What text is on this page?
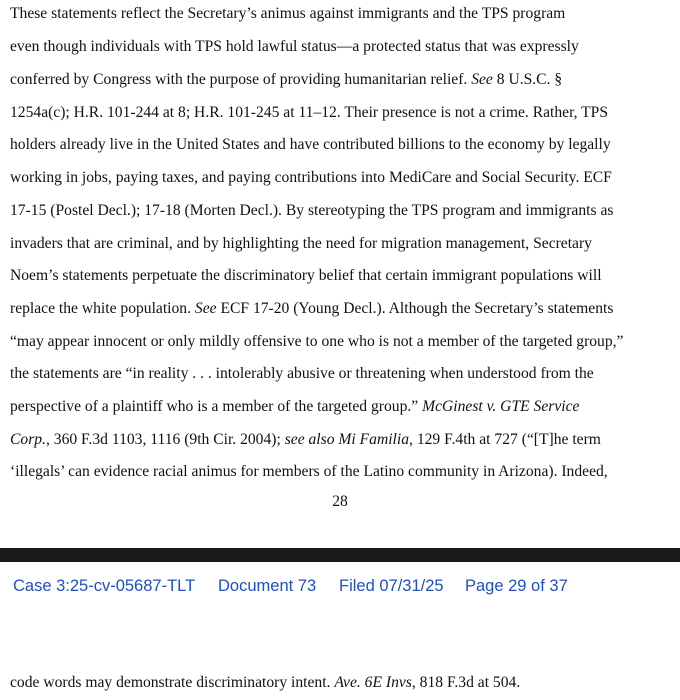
These statements reflect the Secretary’s animus against immigrants and the TPS program
even though individuals with TPS hold lawful status—a protected status that was expressly
conferred by Congress with the purpose of providing humanitarian relief. See 8 U.S.C. §
1254a(c); H.R. 101-244 at 8; H.R. 101-245 at 11–12. Their presence is not a crime. Rather, TPS
holders already live in the United States and have contributed billions to the economy by legally
working in jobs, paying taxes, and paying contributions into MediCare and Social Security. ECF
17-15 (Postel Decl.); 17-18 (Morten Decl.). By stereotyping the TPS program and immigrants as
invaders that are criminal, and by highlighting the need for migration management, Secretary
Noem’s statements perpetuate the discriminatory belief that certain immigrant populations will
replace the white population. See ECF 17-20 (Young Decl.). Although the Secretary’s statements
“may appear innocent or only mildly offensive to one who is not a member of the targeted group,”
the statements are “in reality . . . intolerably abusive or threatening when understood from the
perspective of a plaintiff who is a member of the targeted group.” McGinest v. GTE Service
Corp., 360 F.3d 1103, 1116 (9th Cir. 2004); see also Mi Familia, 129 F.4th at 727 (“[T]he term
‘illegals’ can evidence racial animus for members of the Latino community in Arizona). Indeed,
28
Case 3:25-cv-05687-TLT Document 73 Filed 07/31/25 Page 29 of 37
code words may demonstrate discriminatory intent. Ave. 6E Invs, 818 F.3d at 504.
